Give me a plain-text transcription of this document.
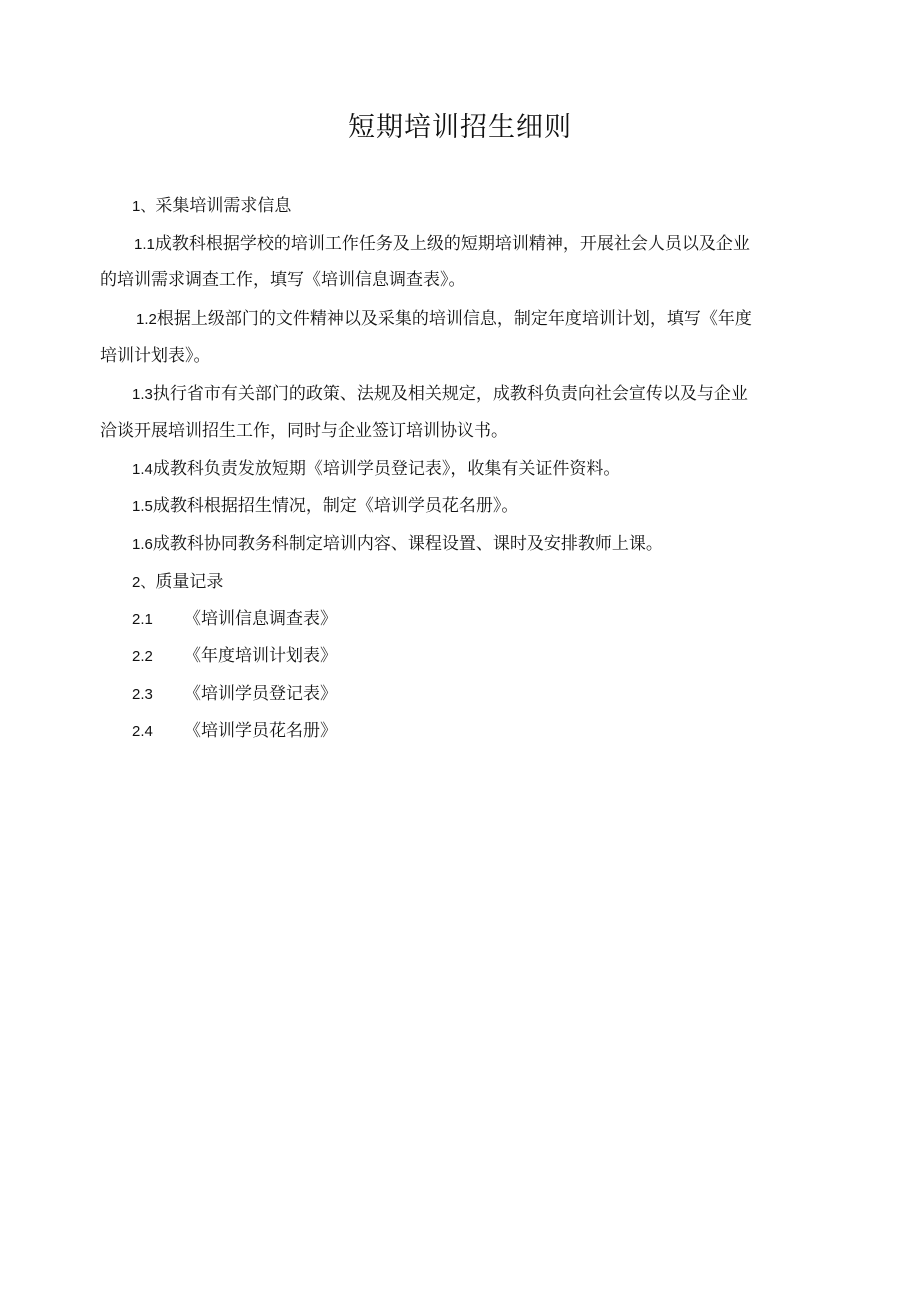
短期培训招生细则
1、采集培训需求信息
1.1成教科根据学校的培训工作任务及上级的短期培训精神，开展社会人员以及企业
的培训需求调查工作，填写《培训信息调查表》。
1.2根据上级部门的文件精神以及采集的培训信息，制定年度培训计划，填写《年度
培训计划表》。
1.3执行省市有关部门的政策、法规及相关规定，成教科负责向社会宣传以及与企业
洽谈开展培训招生工作，同时与企业签订培训协议书。
1.4成教科负责发放短期《培训学员登记表》，收集有关证件资料。
1.5成教科根据招生情况，制定《培训学员花名册》。
1.6成教科协同教务科制定培训内容、课程设置、课时及安排教师上课。
2、质量记录
2.1 《培训信息调查表》
2.2 《年度培训计划表》
2.3 《培训学员登记表》
2.4 《培训学员花名册》
